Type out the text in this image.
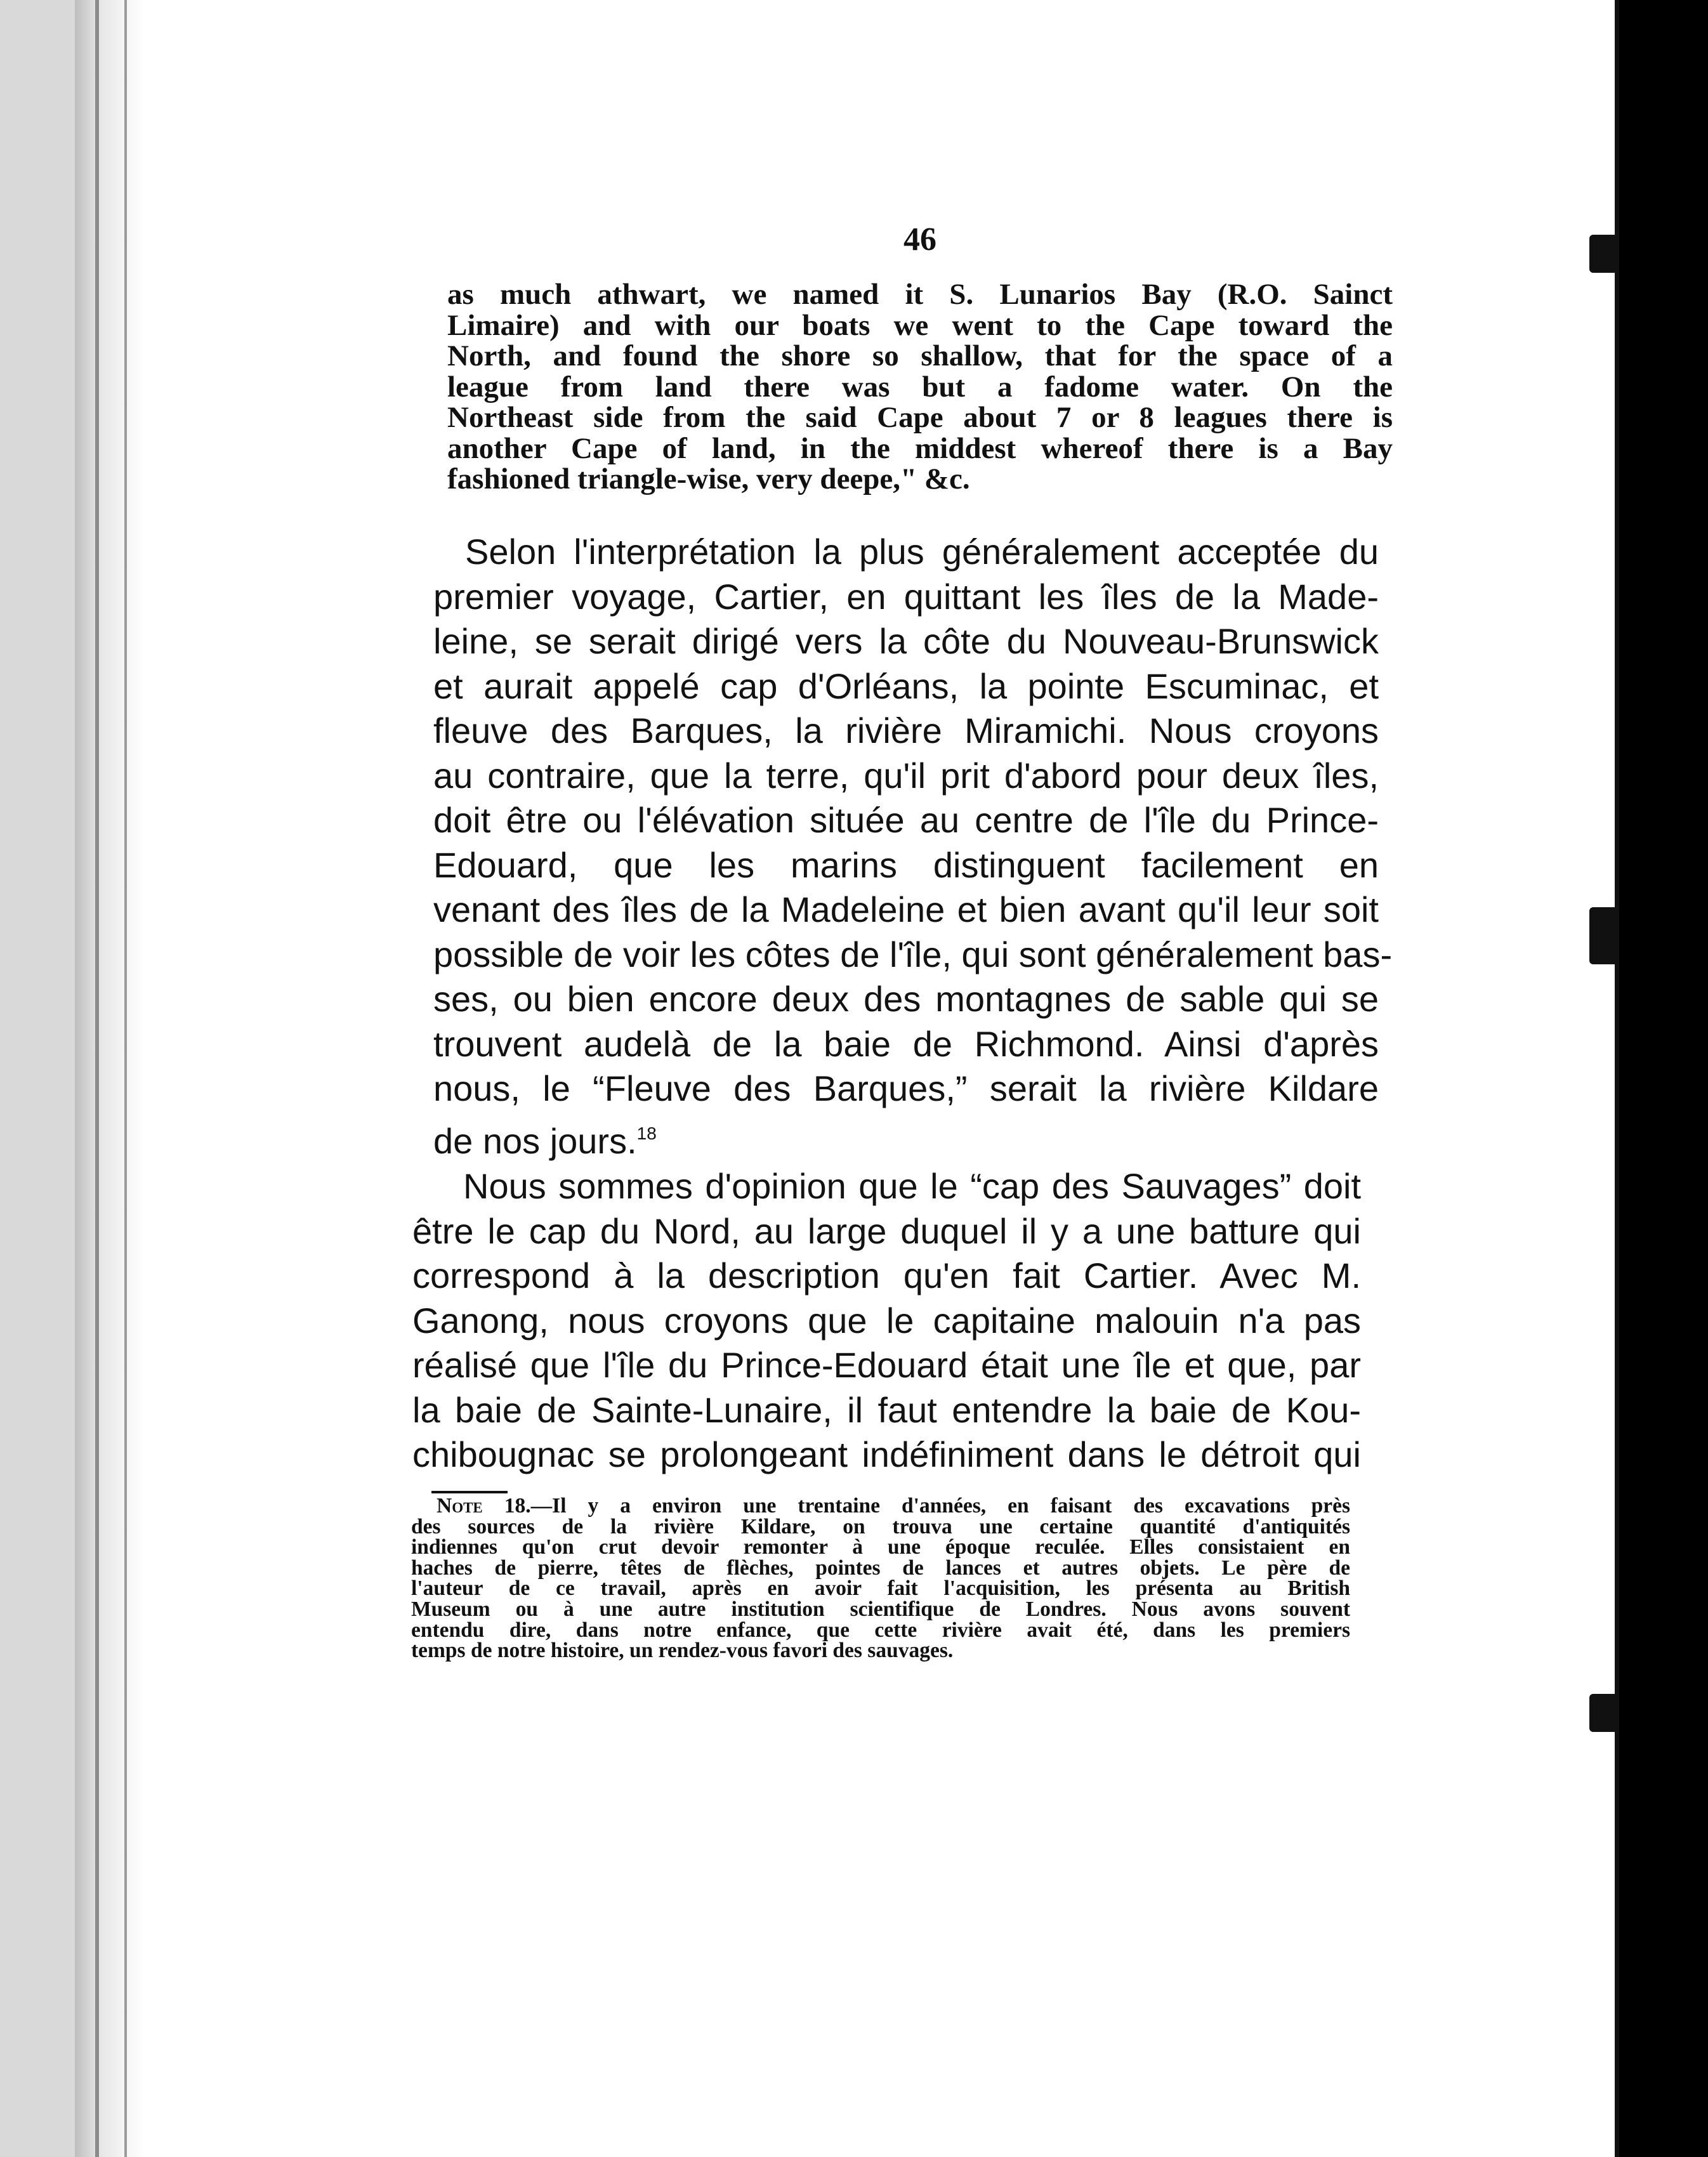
46
as much athwart, we named it S. Lunarios Bay (R.O. Sainct
Limaire) and with our boats we went to the Cape toward the
North, and found the shore so shallow, that for the space of a
league from land there was but a fadome water. On the
Northeast side from the said Cape about 7 or 8 leagues there is
another Cape of land, in the middest whereof there is a Bay
fashioned triangle-wise, very deepe," &c.
Selon l'interprétation la plus généralement acceptée du
premier voyage, Cartier, en quittant les îles de la Made-
leine, se serait dirigé vers la côte du Nouveau-Brunswick
et aurait appelé cap d'Orléans, la pointe Escuminac, et
fleuve des Barques, la rivière Miramichi. Nous croyons
au contraire, que la terre, qu'il prit d'abord pour deux îles,
doit être ou l'élévation située au centre de l'île du Prince-
Edouard, que les marins distinguent facilement en
venant des îles de la Madeleine et bien avant qu'il leur soit
possible de voir les côtes de l'île, qui sont généralement bas-
ses, ou bien encore deux des montagnes de sable qui se
trouvent audelà de la baie de Richmond. Ainsi d'après
nous, le “Fleuve des Barques,” serait la rivière Kildare
de nos jours.$^{18}$
Nous sommes d'opinion que le “cap des Sauvages” doit
être le cap du Nord, au large duquel il y a une batture qui
correspond à la description qu'en fait Cartier. Avec M.
Ganong, nous croyons que le capitaine malouin n'a pas
réalisé que l'île du Prince-Edouard était une île et que, par
la baie de Sainte-Lunaire, il faut entendre la baie de Kou-
chibougnac se prolongeant indéfiniment dans le détroit qui
Note 18.—Il y a environ une trentaine d'années, en faisant des excavations près
des sources de la rivière Kildare, on trouva une certaine quantité d'antiquités
indiennes qu'on crut devoir remonter à une époque reculée. Elles consistaient en
haches de pierre, têtes de flèches, pointes de lances et autres objets. Le père de
l'auteur de ce travail, après en avoir fait l'acquisition, les présenta au British
Museum ou à une autre institution scientifique de Londres. Nous avons souvent
entendu dire, dans notre enfance, que cette rivière avait été, dans les premiers
temps de notre histoire, un rendez-vous favori des sauvages.
